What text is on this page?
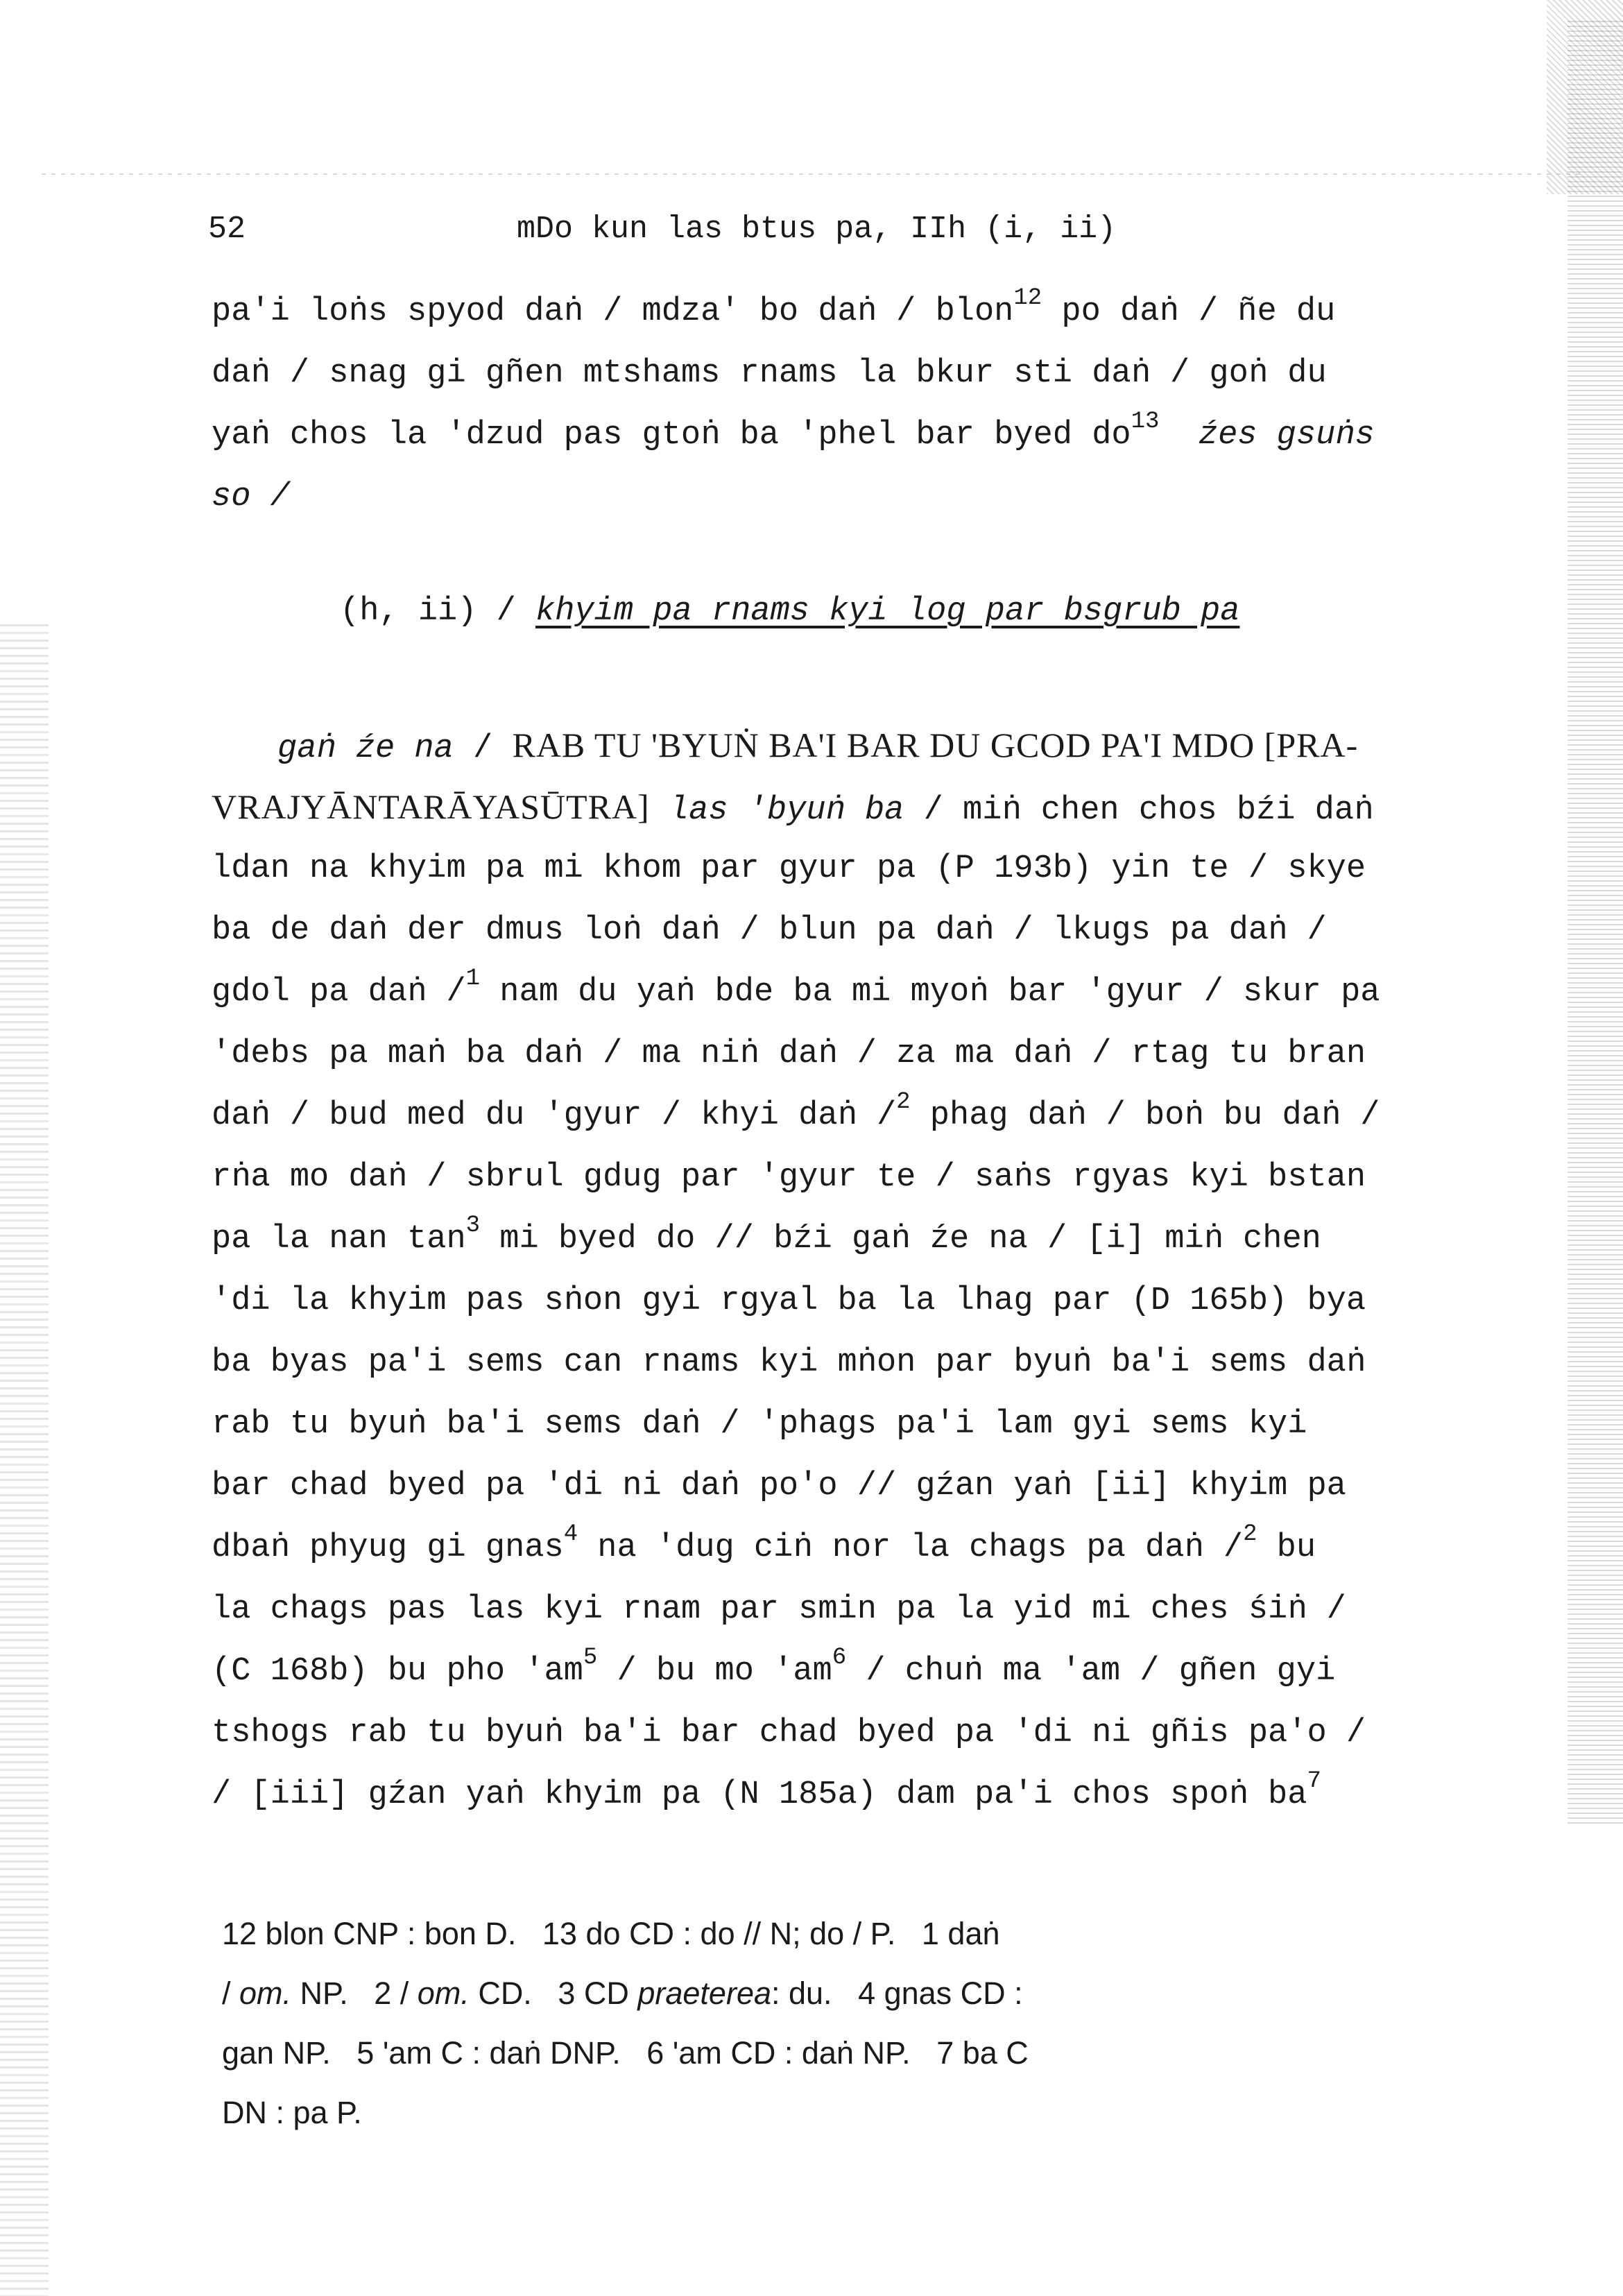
52	mDo kun las btus pa, IIh (i, ii)
pa'i loṅs spyod daṅ / mdza' bo daṅ / blon$^{12}$ po daṅ / ñe du
daṅ / snag gi gñen mtshams rnams la bkur sti daṅ / goṅ du
yaṅ chos la 'dzud pas gtoṅ ba 'phel bar byed $do^{13}$  źes gsuṅs
so /
(h, ii) / khyim pa rnams kyi log par bsgrub pa
gaṅ źe na / RAB TU 'BYUṄ BA'I BAR DU GCOD PA'I MDO [PRA-
VRAJYĀNTARĀYASŪTRA] las 'byuṅ ba / miṅ chen chos bźi daṅ
ldan na khyim pa mi khom par gyur pa (P 193b) yin te / skye
ba de daṅ der dmus loṅ daṅ / blun pa daṅ / lkugs pa daṅ /
gdol pa daṅ /$^1$ nam du yaṅ bde ba mi myoṅ bar 'gyur / skur pa
'debs pa maṅ ba daṅ / ma niṅ daṅ / za ma daṅ / rtag tu bran
daṅ / bud med du 'gyur / khyi daṅ /$^2$ phag daṅ / boṅ bu daṅ /
rṅa mo daṅ / sbrul gdug par 'gyur te / saṅs rgyas kyi bstan
pa la nan $\tan^3$ mi byed do // bźi gaṅ źe na / [i] miṅ chen
'di la khyim pas sṅon gyi rgyal ba la lhag par (D 165b) bya
ba byas pa'i sems can rnams kyi mṅon par byuṅ ba'i sems daṅ
rab tu byuṅ ba'i sems daṅ / 'phags pa'i lam gyi sems kyi
bar chad byed pa 'di ni daṅ po'o // gźan yaṅ [ii] khyim pa
dbaṅ phyug gi gnas$^4$ na 'dug ciṅ nor la chags pa daṅ /$^2$ bu
la chags pas las kyi rnam par smin pa la yid mi ches śiṅ /
(C 168b) bu pho '$am^5$ / bu mo '$am^6$ / chuṅ ma 'am / gñen gyi
tshogs rab tu byuṅ ba'i bar chad byed pa 'di ni gñis pa'o /
/ [iii] gźan yaṅ khyim pa (N 185a) dam pa'i chos spoṅ $ba^7$
12 blon CNP : bon D.   13 do CD : do // N; do / P.   1 daṅ
/ om. NP.   2 / om. CD.   3 CD praeterea: du.   4 gnas CD :
gan NP.   5 'am C : daṅ DNP.   6 'am CD : daṅ NP.   7 ba C
DN : pa P.
